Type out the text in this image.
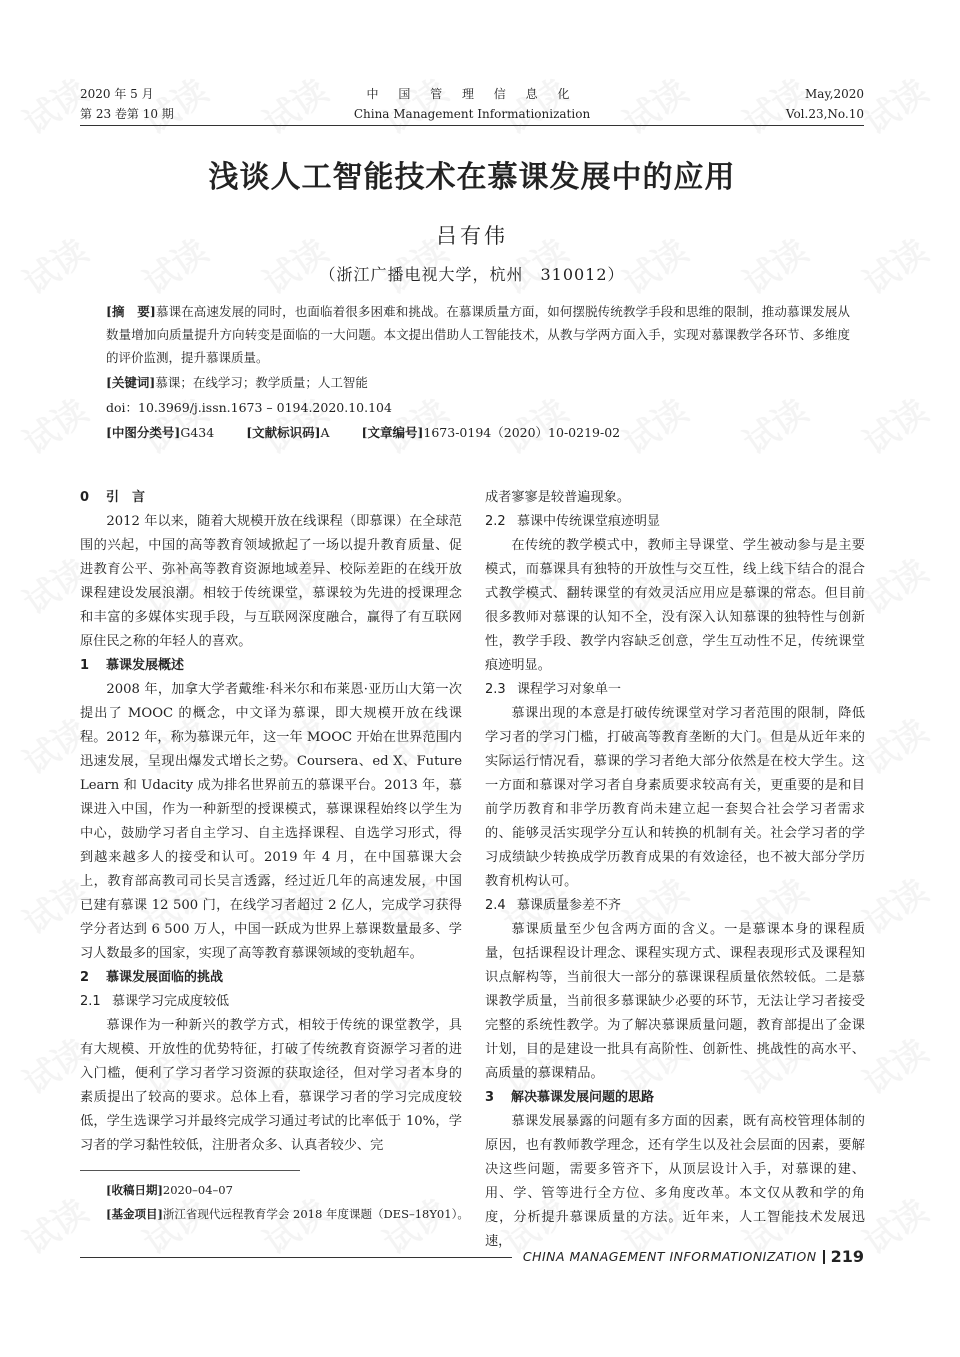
2020 年 5 月
第 23 卷第 10 期
中 国 管 理 信 息 化
China Management Informationization
May,2020
Vol.23,No.10
浅谈人工智能技术在慕课发展中的应用
吕有伟
（浙江广播电视大学，杭州　310012）

[摘　要]慕课在高速发展的同时，也面临着很多困难和挑战。在慕课质量方面，如何摆脱传统教学手段和思维的限制，推动慕课发展从数量增加向质量提升方向转变是面临的一大问题。本文提出借助人工智能技术，从教与学两方面入手，实现对慕课教学各环节、多维度的评价监测，提升慕课质量。

[关键词]慕课；在线学习；教学质量；人工智能

doi：10.3969/j.issn.1673 – 0194.2020.10.104

[中图分类号]G434	[文献标识码]A	[文章编号]1673-0194（2020）10-0219-02

0 引　言

2012 年以来，随着大规模开放在线课程（即慕课）在全球范围的兴起，中国的高等教育领域掀起了一场以提升教育质量、促进教育公平、弥补高等教育资源地域差异、校际差距的在线开放课程建设发展浪潮。相较于传统课堂，慕课较为先进的授课理念和丰富的多媒体实现手段，与互联网深度融合，赢得了有互联网原住民之称的年轻人的喜欢。

1 慕课发展概述

2008 年，加拿大学者戴维·科米尔和布莱恩·亚历山大第一次提出了 MOOC 的概念，中文译为慕课，即大规模开放在线课程。2012 年，称为慕课元年，这一年 MOOC 开始在世界范围内迅速发展，呈现出爆发式增长之势。Coursera、ed X、Future Learn 和 Udacity 成为排名世界前五的慕课平台。2013 年，慕课进入中国，作为一种新型的授课模式，慕课课程始终以学生为中心，鼓励学习者自主学习、自主选择课程、自选学习形式，得到越来越多人的接受和认可。2019 年 4 月，在中国慕课大会上，教育部高教司司长吴言透露，经过近几年的高速发展，中国已建有慕课 12 500 门，在线学习者超过 2 亿人，完成学习获得学分者达到 6 500 万人，中国一跃成为世界上慕课数量最多、学习人数最多的国家，实现了高等教育慕课领域的变轨超车。

2 慕课发展面临的挑战
2.1 慕课学习完成度较低

慕课作为一种新兴的教学方式，相较于传统的课堂教学，具有大规模、开放性的优势特征，打破了传统教育资源学习者的进入门槛，便利了学习者学习资源的获取途径，但对学习者本身的素质提出了较高的要求。总体上看，慕课学习者的学习完成度较低，学生选课学习并最终完成学习通过考试的比率低于 10%，学习者的学习黏性较低，注册者众多、认真者较少、完

成者寥寥是较普遍现象。

2.2 慕课中传统课堂痕迹明显

在传统的教学模式中，教师主导课堂、学生被动参与是主要模式，而慕课具有独特的开放性与交互性，线上线下结合的混合式教学模式、翻转课堂的有效灵活应用应是慕课的常态。但目前很多教师对慕课的认知不全，没有深入认知慕课的独特性与创新性，教学手段、教学内容缺乏创意，学生互动性不足，传统课堂痕迹明显。

2.3 课程学习对象单一

慕课出现的本意是打破传统课堂对学习者范围的限制，降低学习者的学习门槛，打破高等教育垄断的大门。但是从近年来的实际运行情况看，慕课的学习者绝大部分依然是在校大学生。这一方面和慕课对学习者自身素质要求较高有关，更重要的是和目前学历教育和非学历教育尚未建立起一套契合社会学习者需求的、能够灵活实现学分互认和转换的机制有关。社会学习者的学习成绩缺少转换成学历教育成果的有效途径，也不被大部分学历教育机构认可。

2.4 慕课质量参差不齐

慕课质量至少包含两方面的含义。一是慕课本身的课程质量，包括课程设计理念、课程实现方式、课程表现形式及课程知识点解构等，当前很大一部分的慕课课程质量依然较低。二是慕课教学质量，当前很多慕课缺少必要的环节，无法让学习者接受完整的系统性教学。为了解决慕课质量问题，教育部提出了金课计划，目的是建设一批具有高阶性、创新性、挑战性的高水平、高质量的慕课精品。

3 解决慕课发展问题的思路

慕课发展暴露的问题有多方面的因素，既有高校管理体制的原因，也有教师教学理念，还有学生以及社会层面的因素，要解决这些问题，需要多管齐下，从顶层设计入手，对慕课的建、用、学、管等进行全方位、多角度改革。本文仅从教和学的角度，分析提升慕课质量的方法。近年来，人工智能技术发展迅速，

[收稿日期]2020–04–07
[基金项目]浙江省现代远程教育学会 2018 年度课题（DES–18Y01）。
CHINA MANAGEMENT INFORMATIONIZATION 219
